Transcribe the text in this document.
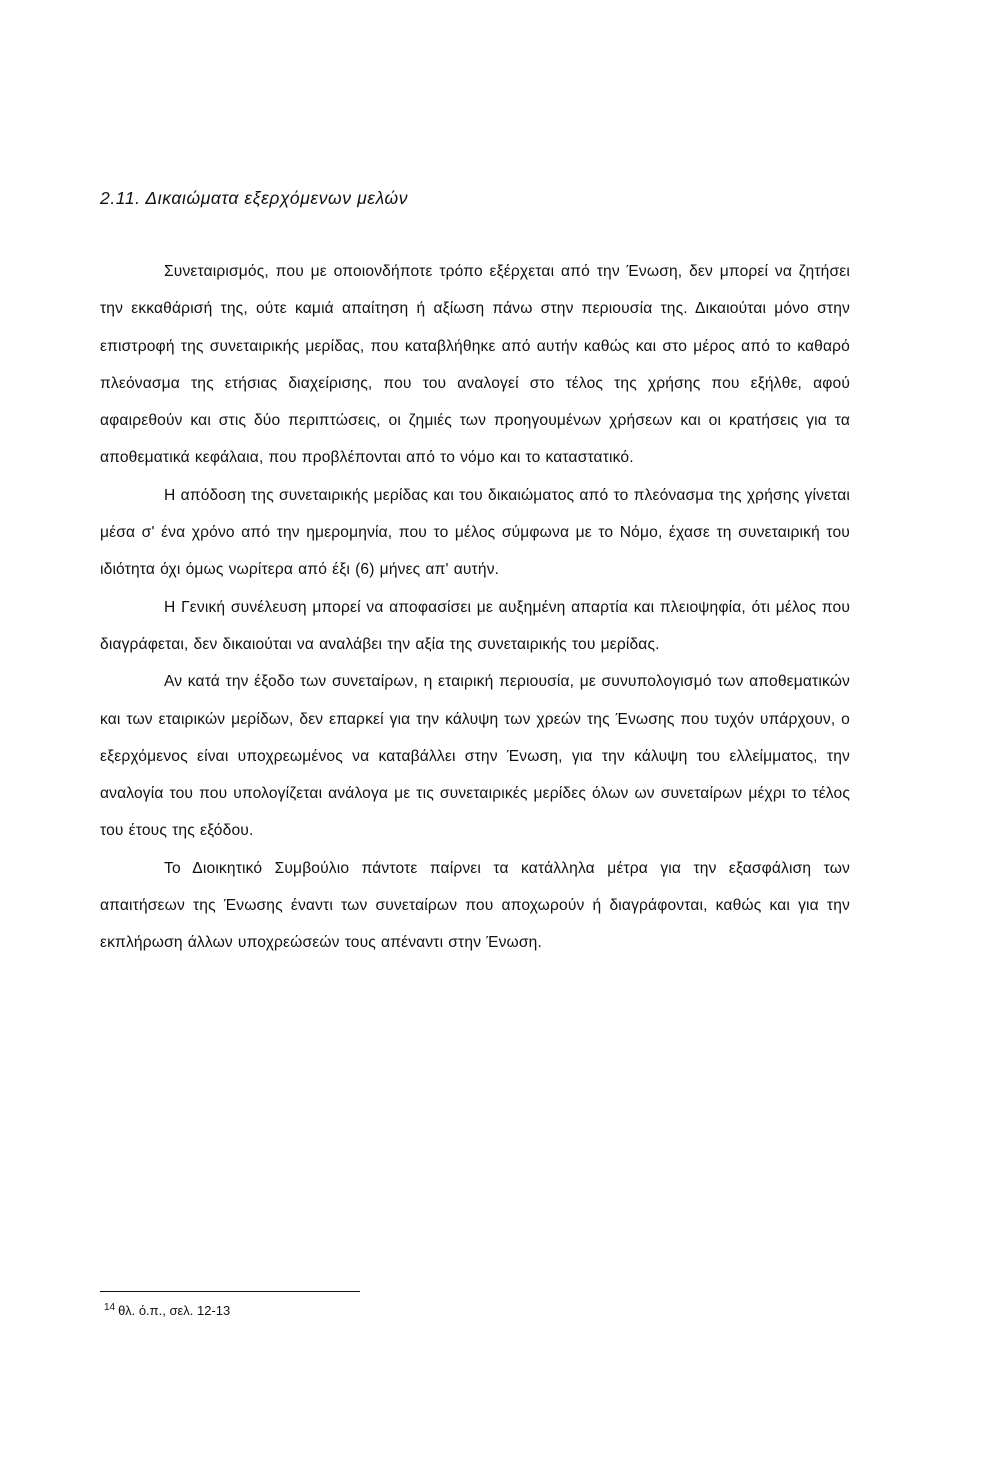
2.11. Δικαιώματα εξερχόμενων μελών

Συνεταιρισμός, που με οποιονδήποτε τρόπο εξέρχεται από την Ένωση, δεν μπορεί να ζητήσει την εκκαθάρισή της, ούτε καμιά απαίτηση ή αξίωση πάνω στην περιουσία της. Δικαιούται μόνο στην επιστροφή της συνεταιρικής μερίδας, που καταβλήθηκε από αυτήν καθώς και στο μέρος από το καθαρό πλεόνασμα της ετήσιας διαχείρισης, που του αναλογεί στο τέλος της χρήσης που εξήλθε, αφού αφαιρεθούν και στις δύο περιπτώσεις, οι ζημιές των προηγουμένων χρήσεων και οι κρατήσεις για τα αποθεματικά κεφάλαια, που προβλέπονται από το νόμο και το καταστατικό.

Η απόδοση της συνεταιρικής μερίδας και του δικαιώματος από το πλεόνασμα της χρήσης γίνεται μέσα σ' ένα χρόνο από την ημερομηνία, που το μέλος σύμφωνα με το Νόμο, έχασε τη συνεταιρική του ιδιότητα όχι όμως νωρίτερα από έξι (6) μήνες απ' αυτήν.

Η Γενική συνέλευση μπορεί να αποφασίσει με αυξημένη απαρτία και πλειοψηφία, ότι μέλος που διαγράφεται, δεν δικαιούται να αναλάβει την αξία της συνεταιρικής του μερίδας.

Αν κατά την έξοδο των συνεταίρων, η εταιρική περιουσία, με συνυπολογισμό των αποθεματικών και των εταιρικών μερίδων, δεν επαρκεί για την κάλυψη των χρεών της Ένωσης που τυχόν υπάρχουν, ο εξερχόμενος είναι υποχρεωμένος να καταβάλλει στην Ένωση, για την κάλυψη του ελλείμματος, την αναλογία του που υπολογίζεται ανάλογα με τις συνεταιρικές μερίδες όλων ων συνεταίρων μέχρι το τέλος του έτους της εξόδου.

Το Διοικητικό Συμβούλιο πάντοτε παίρνει τα κατάλληλα μέτρα για την εξασφάλιση των απαιτήσεων της Ένωσης έναντι των συνεταίρων που αποχωρούν ή διαγράφονται, καθώς και για την εκπλήρωση άλλων υποχρεώσεών τους απέναντι στην Ένωση.

$^{14}$ θλ. ό.π., σελ. 12-13
